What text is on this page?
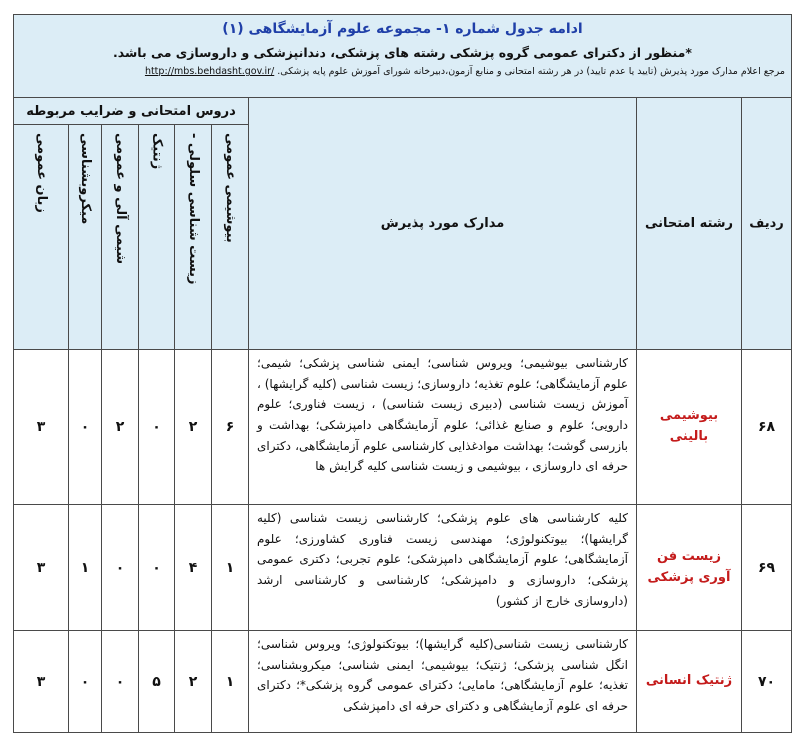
ادامه جدول شماره ۱- مجموعه علوم آزمایشگاهی (۱)
*منظور از دکترای عمومی گروه پزشکی رشته های پزشکی، دندانپزشکی و داروسازی می باشد.
مرجع اعلام مدارک مورد پذیرش (تایید یا عدم تایید) در هر رشته امتحانی و منابع آزمون،دبیرخانه شورای آموزش علوم پایه پزشکی. http://mbs.behdasht.gov.ir/								

ردیف	رشته امتحانی	مدارک مورد پذیرش	دروس امتحانی و ضرایب مربوطه					
			بیوشیمی عمومی	زیست شناسی سلولی -	ژنتیک	شیمی آلی و عمومی	میکروبشناسی	زبان عمومی
۶۸	بیوشیمی بالینی	کارشناسی بیوشیمی؛ ویروس شناسی؛ ایمنی شناسی پزشکی؛ شیمی؛ علوم آزمایشگاهی؛ علوم تغذیه؛ داروسازی؛ زیست شناسی (کلیه گرایشها) ، آموزش زیست شناسی (دبیری زیست شناسی) ، زیست فناوری؛ علوم دارویی؛ علوم و صنایع غذائی؛ علوم آزمایشگاهی دامپزشکی؛ بهداشت و بازرسی گوشت؛ بهداشت موادغذایی کارشناسی علوم آزمایشگاهی، دکترای حرفه ای داروسازی ، بیوشیمی و زیست شناسی کلیه گرایش ها	۶	۲	۰	۲	۰	۳
۶۹	زیست فن آوری پزشکی	کلیه کارشناسی های علوم پزشکی؛ کارشناسی زیست شناسی (کلیه گرایشها)؛ بیوتکنولوژی؛ مهندسی زیست فناوری کشاورزی؛ علوم آزمایشگاهی؛ علوم آزمایشگاهی دامپزشکی؛ علوم تجربی؛ دکتری عمومی پزشکی؛ داروسازی و دامپزشکی؛ کارشناسی و کارشناسی ارشد (داروسازی خارج از کشور)	۱	۴	۰	۰	۱	۳
۷۰	ژنتیک انسانی	کارشناسی زیست شناسی(کلیه گرایشها)؛ بیوتکنولوژی؛ ویروس شناسی؛ انگل شناسی پزشکی؛ ژنتیک؛ بیوشیمی؛ ایمنی شناسی؛ میکروبشناسی؛ تغذیه؛ علوم آزمایشگاهی؛ مامایی؛ دکترای عمومی گروه پزشکی*؛ دکترای حرفه ای علوم آزمایشگاهی و دکترای حرفه ای دامپزشکی	۱	۲	۵	۰	۰	۳
